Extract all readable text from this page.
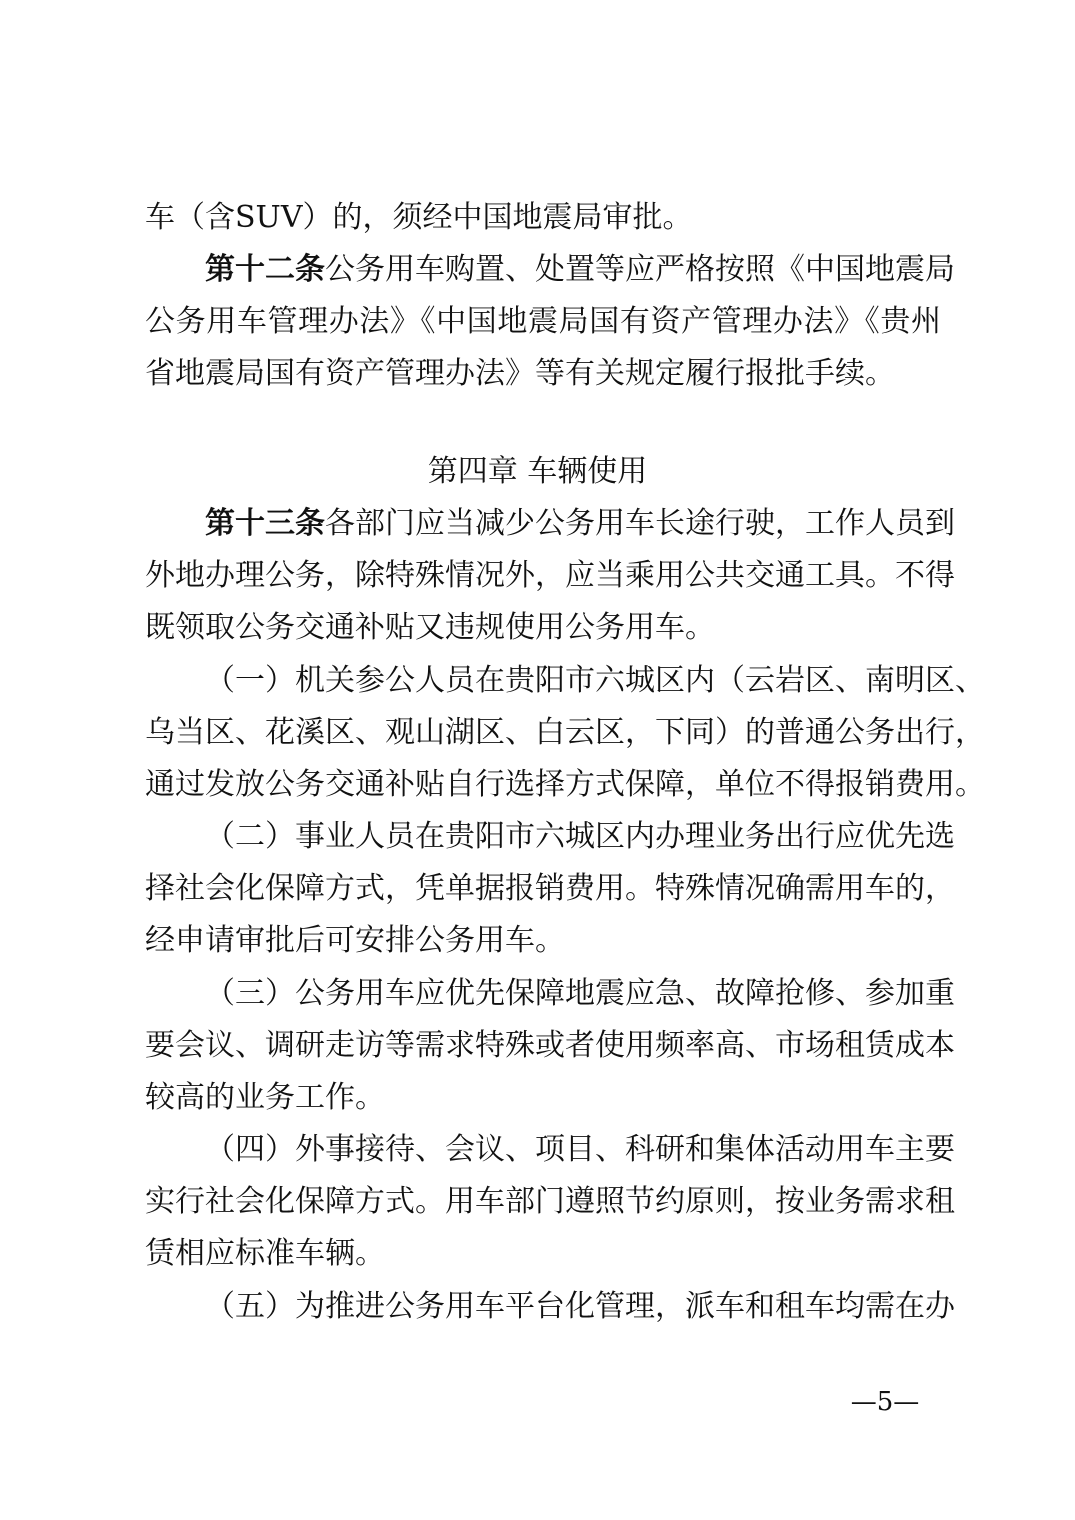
车（含SUV）的，须经中国地震局审批。
第十二条公务用车购置、处置等应严格按照《中国地震局
公务用车管理办法》《中国地震局国有资产管理办法》《贵州
省地震局国有资产管理办法》等有关规定履行报批手续。
第四章 车辆使用
第十三条各部门应当减少公务用车长途行驶，工作人员到
外地办理公务，除特殊情况外，应当乘用公共交通工具。不得
既领取公务交通补贴又违规使用公务用车。
（一）机关参公人员在贵阳市六城区内（云岩区、南明区、
乌当区、花溪区、观山湖区、白云区，下同）的普通公务出行，
通过发放公务交通补贴自行选择方式保障，单位不得报销费用。
（二）事业人员在贵阳市六城区内办理业务出行应优先选
择社会化保障方式，凭单据报销费用。特殊情况确需用车的，
经申请审批后可安排公务用车。
（三）公务用车应优先保障地震应急、故障抢修、参加重
要会议、调研走访等需求特殊或者使用频率高、市场租赁成本
较高的业务工作。
（四）外事接待、会议、项目、科研和集体活动用车主要
实行社会化保障方式。用车部门遵照节约原则，按业务需求租
赁相应标准车辆。
（五）为推进公务用车平台化管理，派车和租车均需在办
—5—
